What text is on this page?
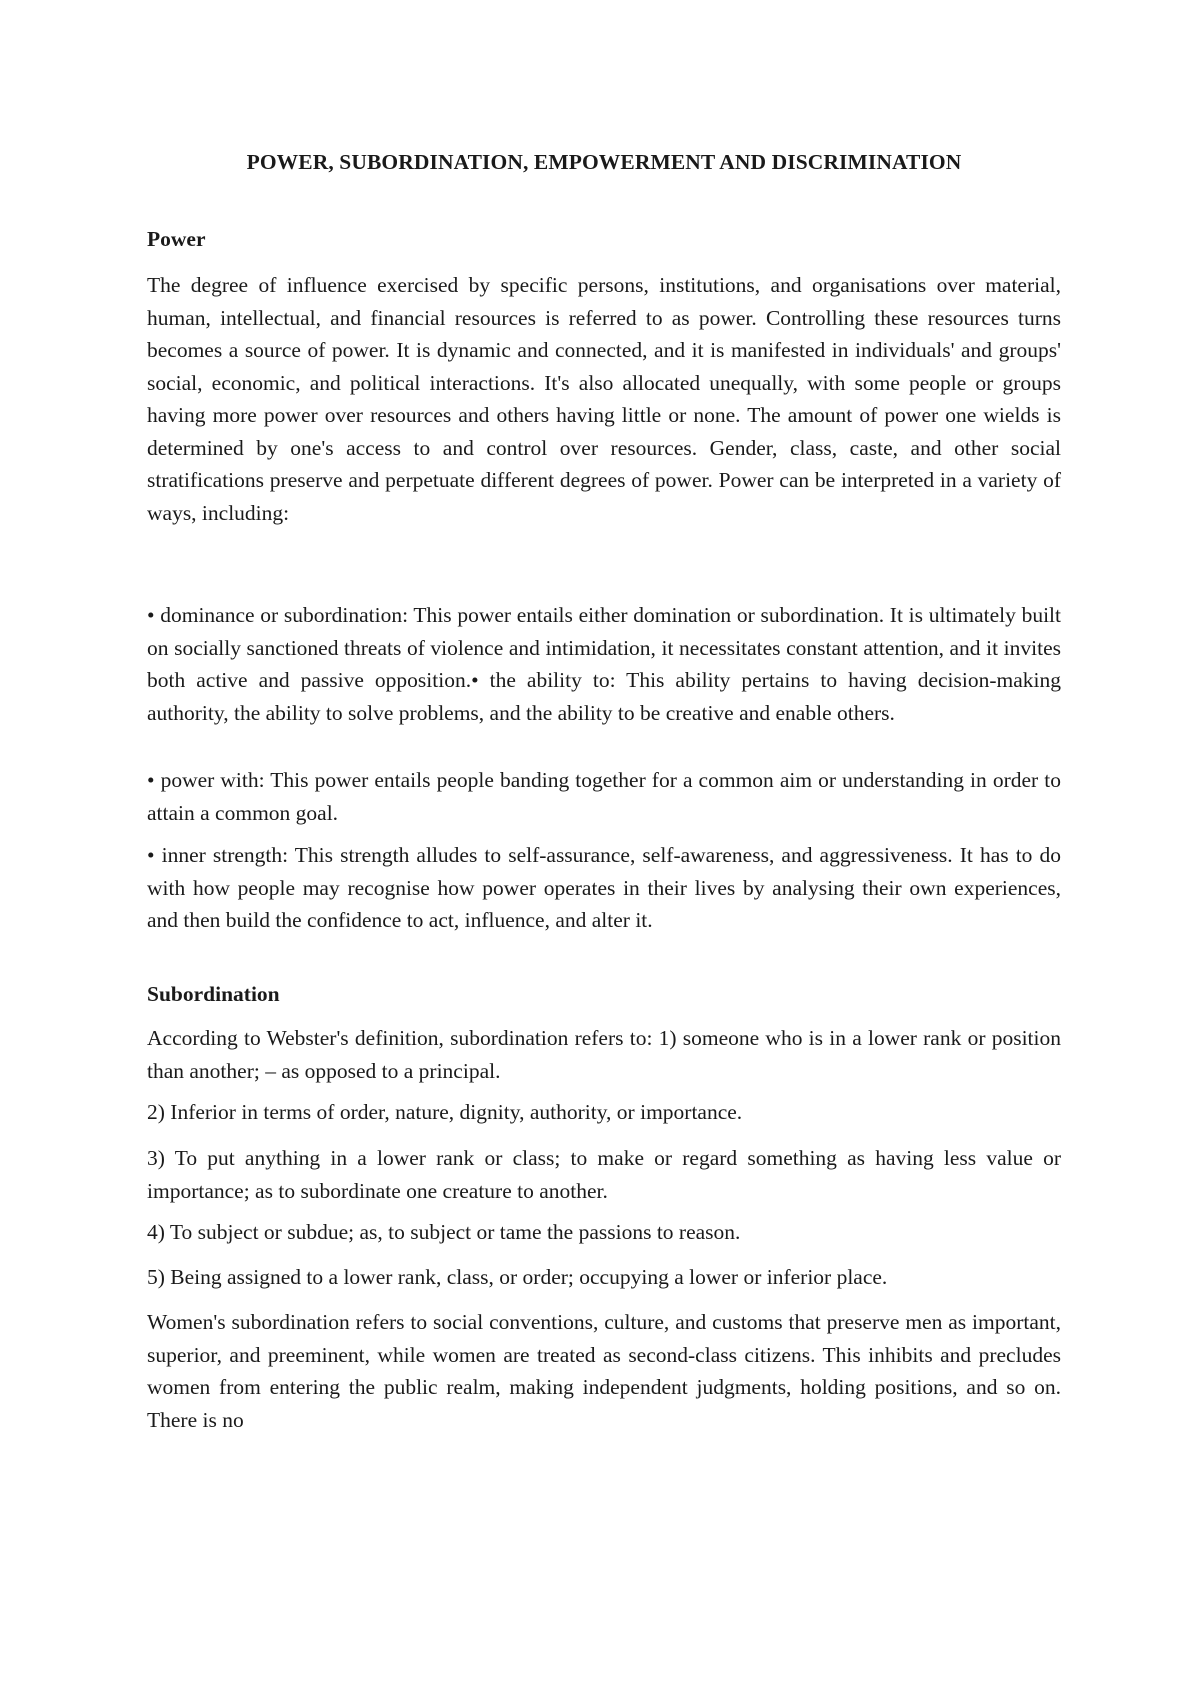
POWER, SUBORDINATION, EMPOWERMENT AND DISCRIMINATION
Power

The degree of influence exercised by specific persons, institutions, and organisations over material, human, intellectual, and financial resources is referred to as power. Controlling these resources turns becomes a source of power. It is dynamic and connected, and it is manifested in individuals' and groups' social, economic, and political interactions. It's also allocated unequally, with some people or groups having more power over resources and others having little or none. The amount of power one wields is determined by one's access to and control over resources. Gender, class, caste, and other social stratifications preserve and perpetuate different degrees of power. Power can be interpreted in a variety of ways, including:

• dominance or subordination: This power entails either domination or subordination. It is ultimately built on socially sanctioned threats of violence and intimidation, it necessitates constant attention, and it invites both active and passive opposition.• the ability to: This ability pertains to having decision-making authority, the ability to solve problems, and the ability to be creative and enable others.

• power with: This power entails people banding together for a common aim or understanding in order to attain a common goal.

• inner strength: This strength alludes to self-assurance, self-awareness, and aggressiveness. It has to do with how people may recognise how power operates in their lives by analysing their own experiences, and then build the confidence to act, influence, and alter it.

Subordination

According to Webster's definition, subordination refers to: 1) someone who is in a lower rank or position than another; – as opposed to a principal.

2) Inferior in terms of order, nature, dignity, authority, or importance.

3) To put anything in a lower rank or class; to make or regard something as having less value or importance; as to subordinate one creature to another.

4) To subject or subdue; as, to subject or tame the passions to reason.

5) Being assigned to a lower rank, class, or order; occupying a lower or inferior place.

Women's subordination refers to social conventions, culture, and customs that preserve men as important, superior, and preeminent, while women are treated as second-class citizens. This inhibits and precludes women from entering the public realm, making independent judgments, holding positions, and so on. There is no
